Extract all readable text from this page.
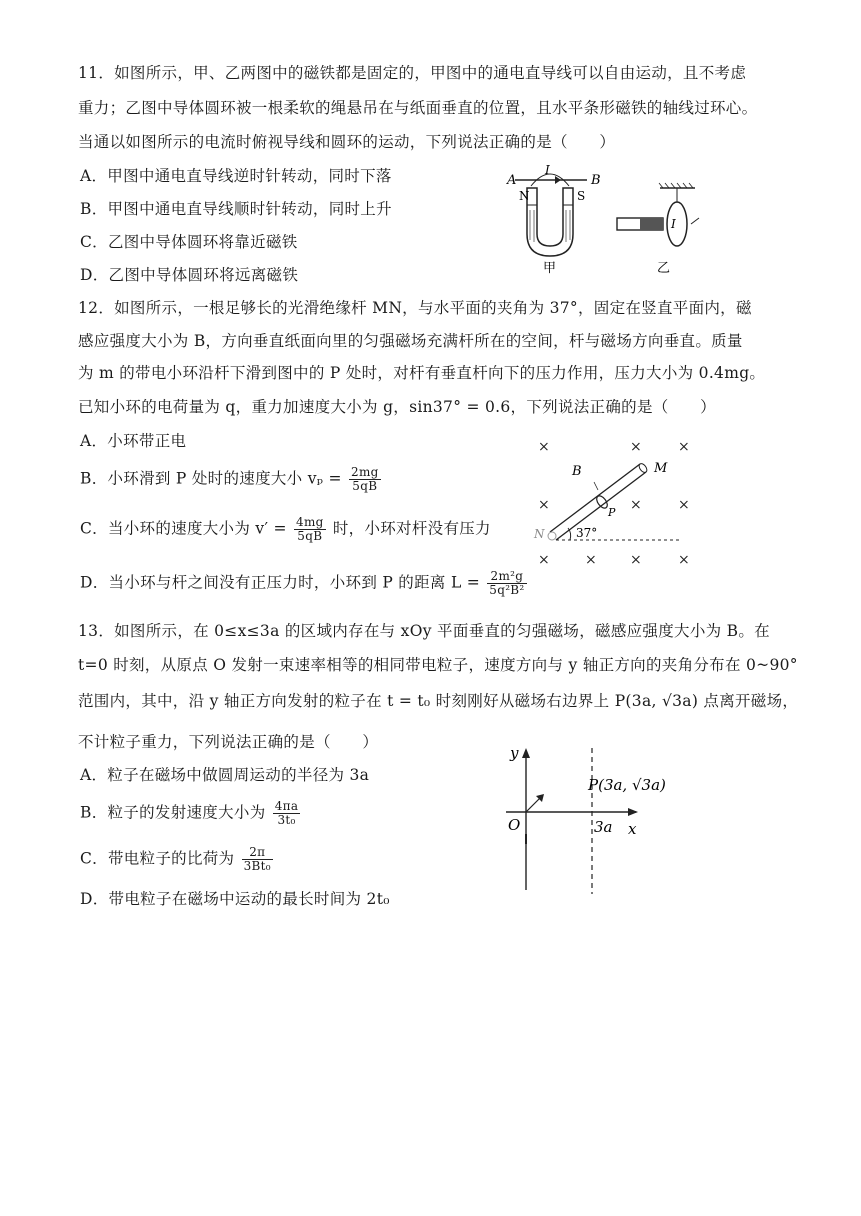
11．如图所示，甲、乙两图中的磁铁都是固定的，甲图中的通电直导线可以自由运动，且不考虑
重力；乙图中导体圆环被一根柔软的绳悬吊在与纸面垂直的位置，且水平条形磁铁的轴线过环心。
当通以如图所示的电流时俯视导线和圆环的运动，下列说法正确的是（　　）
A．甲图中通电直导线逆时针转动，同时下落
B．甲图中通电直导线顺时针转动，同时上升
C．乙图中导体圆环将靠近磁铁
D．乙图中导体圆环将远离磁铁
A	B
I
N	S
I
甲	乙
12．如图所示，一根足够长的光滑绝缘杆 MN，与水平面的夹角为 37°，固定在竖直平面内，磁
感应强度大小为 B，方向垂直纸面向里的匀强磁场充满杆所在的空间，杆与磁场方向垂直。质量
为 m 的带电小环沿杆下滑到图中的 P 处时，对杆有垂直杆向下的压力作用，压力大小为 0.4mg。
已知小环的电荷量为 q，重力加速度大小为 g，sin37° = 0.6，下列说法正确的是（　　）
A．小环带正电
B．小环滑到 P 处时的速度大小 $v_p = \frac{2mg}{5qB}$
C．当小环的速度大小为 $v' = \frac{4mg}{5qB}$ 时，小环对杆没有压力
D．当小环与杆之间没有正压力时，小环到 P 的距离 $L = \frac{\text{2m²g}}{\text{5q²B²}}$
×	×	×
×	×	×
×	× ×	×
B	M
N
P
37°
13．如图所示，在 0≤x≤3a 的区域内存在与 xOy 平面垂直的匀强磁场，磁感应强度大小为 B。在
t=0 时刻，从原点 O 发射一束速率相等的相同带电粒子，速度方向与 y 轴正方向的夹角分布在 0~90°
范围内，其中，沿 y 轴正方向发射的粒子在 t = t₀ 时刻刚好从磁场右边界上 P(3a, √3a) 点离开磁场，
不计粒子重力，下列说法正确的是（　　）
A．粒子在磁场中做圆周运动的半径为 3a
B．粒子的发射速度大小为 $\frac{4\pi a}{\text{3t₀}}$
C．带电粒子的比荷为 $\frac{2\pi}{\text{3Bt₀}}$
D．带电粒子在磁场中运动的最长时间为 2t₀
y
x
O	3a
P(3a, √3a)
